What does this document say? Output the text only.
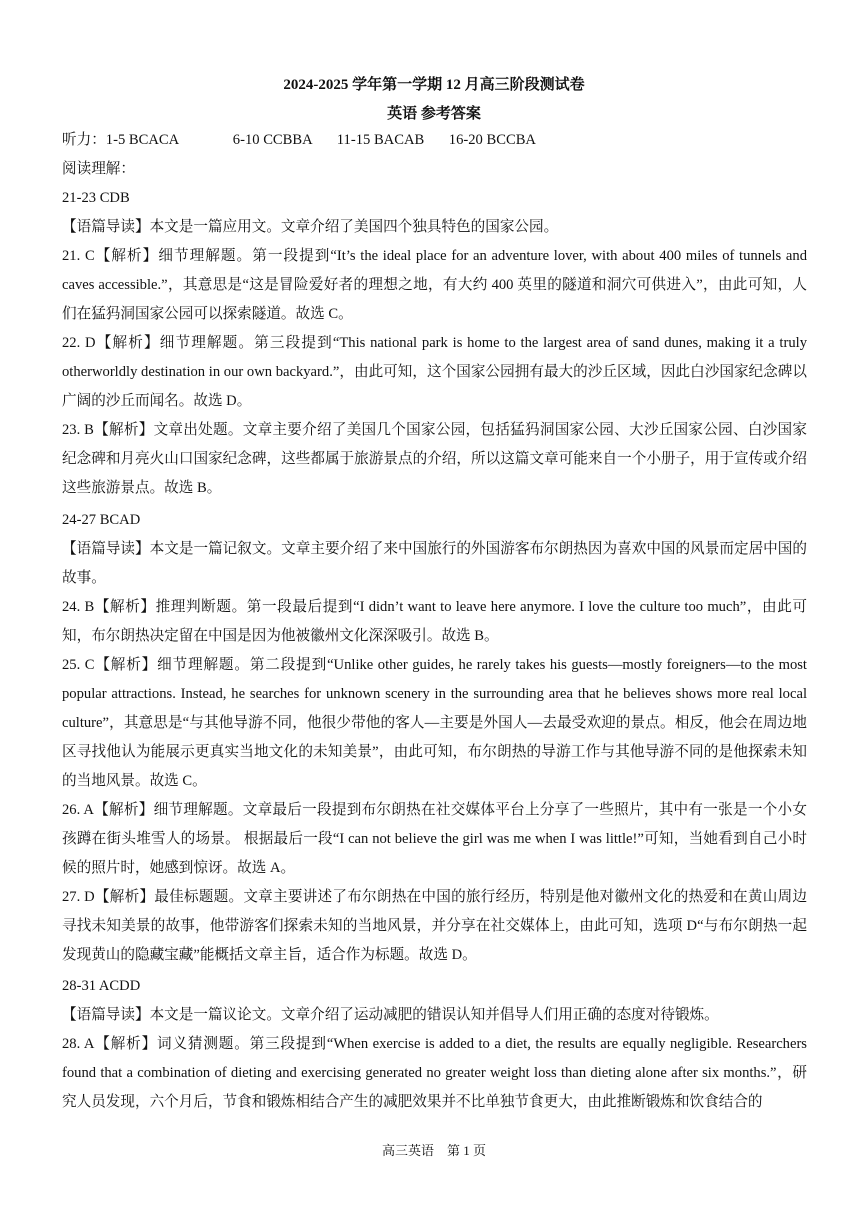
2024-2025 学年第一学期 12 月高三阶段测试卷
英语 参考答案
听力：1-5 BCACA	6-10 CCBBA 11-15 BACAB 16-20 BCCBA
阅读理解：
21-23 CDB
【语篇导读】本文是一篇应用文。文章介绍了美国四个独具特色的国家公园。
21. C【解析】细节理解题。第一段提到“It’s the ideal place for an adventure lover, with about 400 miles of tunnels and caves accessible.”，其意思是“这是冒险爱好者的理想之地，有大约 400 英里的隧道和洞穴可供进入”，由此可知，人们在猛犸洞国家公园可以探索隧道。故选 C。
22. D【解析】细节理解题。第三段提到“This national park is home to the largest area of sand dunes, making it a truly otherworldly destination in our own backyard.”，由此可知，这个国家公园拥有最大的沙丘区域，因此白沙国家纪念碑以广阔的沙丘而闻名。故选 D。
23. B【解析】文章出处题。文章主要介绍了美国几个国家公园，包括猛犸洞国家公园、大沙丘国家公园、白沙国家纪念碑和月亮火山口国家纪念碑，这些都属于旅游景点的介绍，所以这篇文章可能来自一个小册子，用于宣传或介绍这些旅游景点。故选 B。
24-27 BCAD
【语篇导读】本文是一篇记叙文。文章主要介绍了来中国旅行的外国游客布尔朗热因为喜欢中国的风景而定居中国的故事。
24. B【解析】推理判断题。第一段最后提到“I didn’t want to leave here anymore. I love the culture too much”，由此可知，布尔朗热决定留在中国是因为他被徽州文化深深吸引。故选 B。
25. C【解析】细节理解题。第二段提到“Unlike other guides, he rarely takes his guests—mostly foreigners—to the most popular attractions. Instead, he searches for unknown scenery in the surrounding area that he believes shows more real local culture”，其意思是“与其他导游不同，他很少带他的客人—主要是外国人—去最受欢迎的景点。相反，他会在周边地区寻找他认为能展示更真实当地文化的未知美景”，由此可知，布尔朗热的导游工作与其他导游不同的是他探索未知的当地风景。故选 C。
26. A【解析】细节理解题。文章最后一段提到布尔朗热在社交媒体平台上分享了一些照片，其中有一张是一个小女孩蹲在街头堆雪人的场景。 根据最后一段“I can not believe the girl was me when I was little!”可知，当她看到自己小时候的照片时，她感到惊讶。故选 A。
27. D【解析】最佳标题题。文章主要讲述了布尔朗热在中国的旅行经历，特别是他对徽州文化的热爱和在黄山周边寻找未知美景的故事，他带游客们探索未知的当地风景，并分享在社交媒体上，由此可知，选项 D“与布尔朗热一起发现黄山的隐藏宝藏”能概括文章主旨，适合作为标题。故选 D。
28-31 ACDD
【语篇导读】本文是一篇议论文。文章介绍了运动减肥的错误认知并倡导人们用正确的态度对待锻炼。
28. A【解析】词义猜测题。第三段提到“When exercise is added to a diet, the results are equally negligible. Researchers found that a combination of dieting and exercising generated no greater weight loss than dieting alone after six months.”，研究人员发现，六个月后，节食和锻炼相结合产生的减肥效果并不比单独节食更大，由此推断锻炼和饮食结合的
高三英语　第 1 页
